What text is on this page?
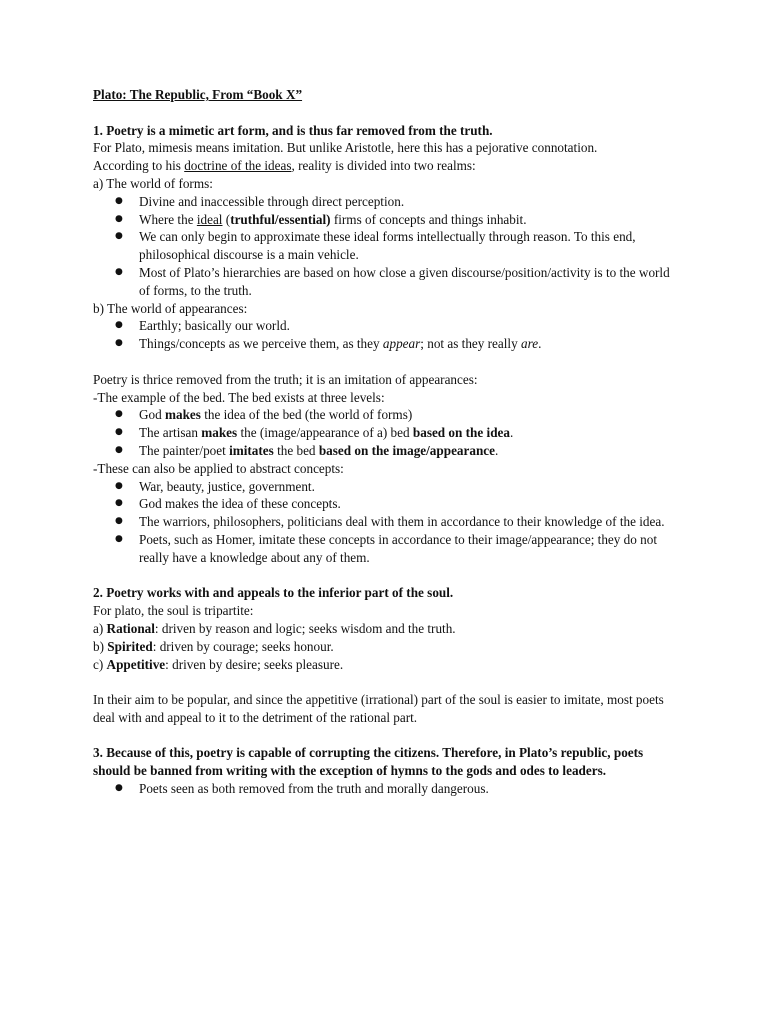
Plato: The Republic, From “Book X”

1. Poetry is a mimetic art form, and is thus far removed from the truth.

For Plato, mimesis means imitation. But unlike Aristotle, here this has a pejorative connotation.

According to his doctrine of the ideas, reality is divided into two realms:

a) The world of forms:

● Divine and inaccessible through direct perception.
● Where the ideal (truthful/essential) firms of concepts and things inhabit.
● We can only begin to approximate these ideal forms intellectually through reason. To this end, philosophical discourse is a main vehicle.
● Most of Plato’s hierarchies are based on how close a given discourse/position/activity is to the world of forms, to the truth.

b) The world of appearances:

● Earthly; basically our world.
● Things/concepts as we perceive them, as they appear; not as they really are.

Poetry is thrice removed from the truth; it is an imitation of appearances:

-The example of the bed. The bed exists at three levels:

● God makes the idea of the bed (the world of forms)
● The artisan makes the (image/appearance of a) bed based on the idea.
● The painter/poet imitates the bed based on the image/appearance.

-These can also be applied to abstract concepts:

● War, beauty, justice, government.
● God makes the idea of these concepts.
● The warriors, philosophers, politicians deal with them in accordance to their knowledge of the idea.
● Poets, such as Homer, imitate these concepts in accordance to their image/appearance; they do not really have a knowledge about any of them.

2. Poetry works with and appeals to the inferior part of the soul.

For plato, the soul is tripartite:

a) Rational: driven by reason and logic; seeks wisdom and the truth.

b) Spirited: driven by courage; seeks honour.

c) Appetitive: driven by desire; seeks pleasure.

In their aim to be popular, and since the appetitive (irrational) part of the soul is easier to imitate, most poets deal with and appeal to it to the detriment of the rational part.

3. Because of this, poetry is capable of corrupting the citizens. Therefore, in Plato’s republic, poets should be banned from writing with the exception of hymns to the gods and odes to leaders.

● Poets seen as both removed from the truth and morally dangerous.
